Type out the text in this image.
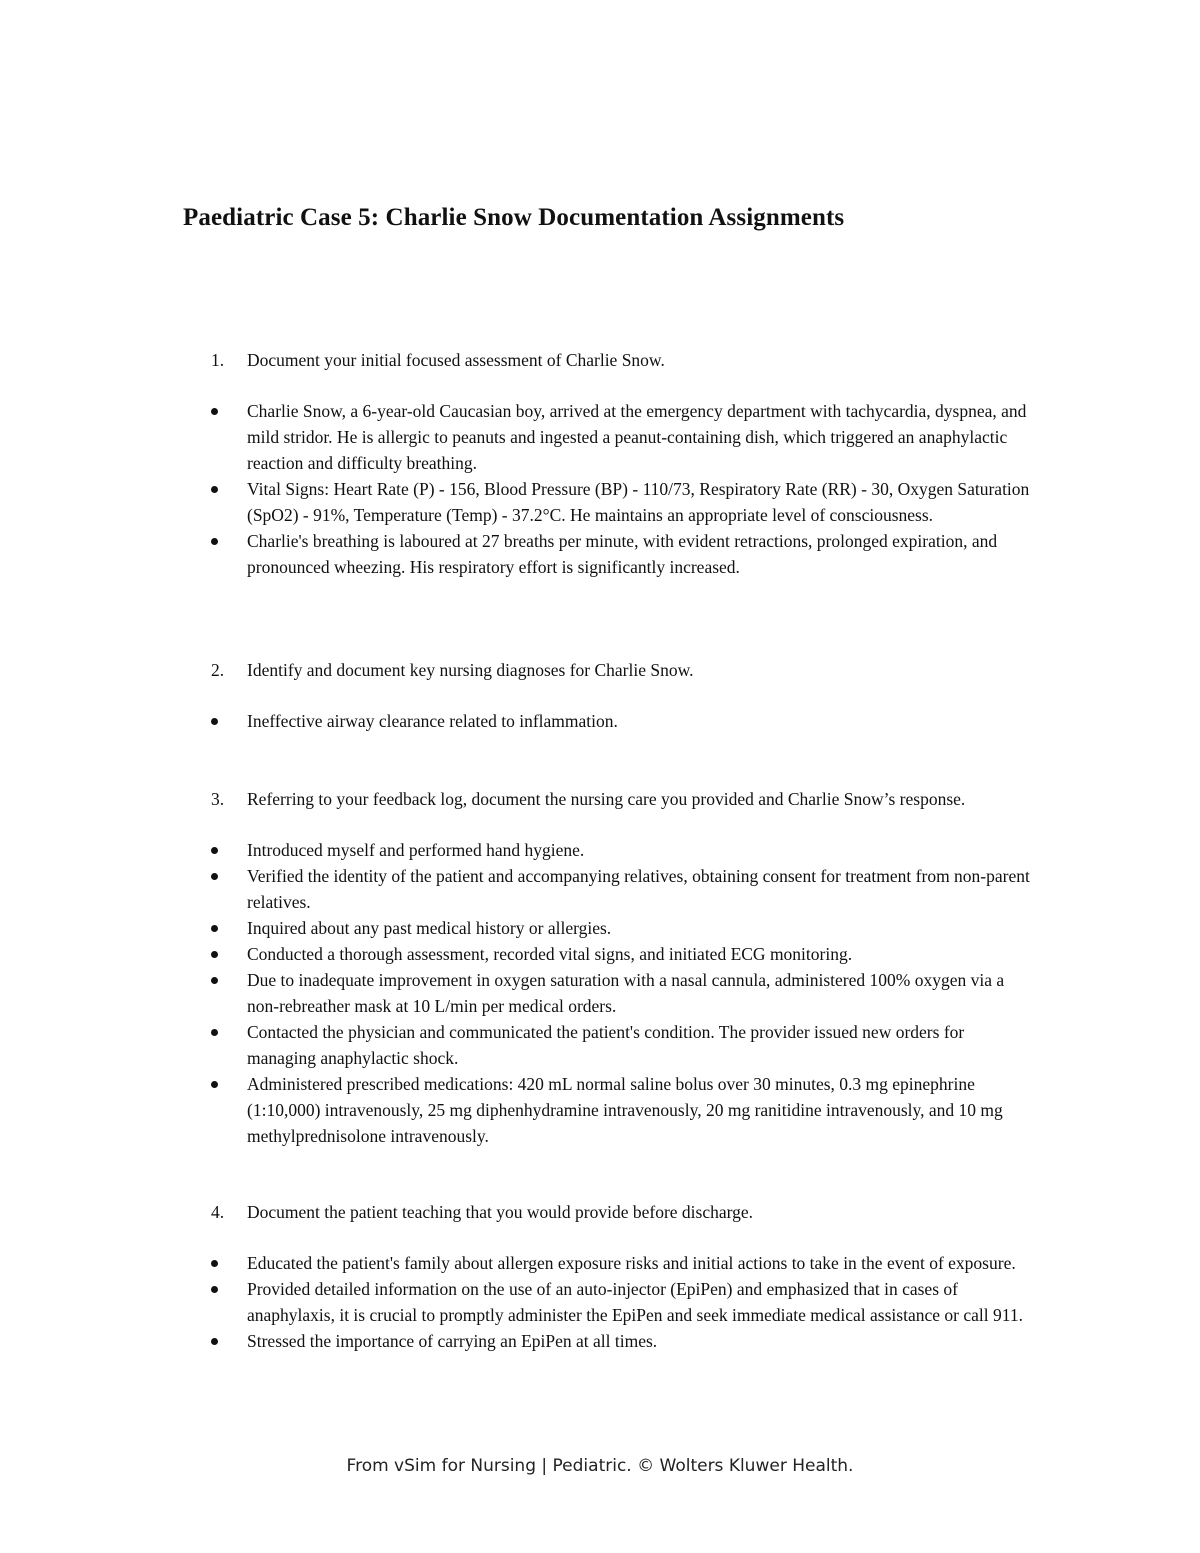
Paediatric Case 5: Charlie Snow Documentation Assignments
1. Document your initial focused assessment of Charlie Snow.
Charlie Snow, a 6-year-old Caucasian boy, arrived at the emergency department with tachycardia, dyspnea, and mild stridor. He is allergic to peanuts and ingested a peanut-containing dish, which triggered an anaphylactic reaction and difficulty breathing.
Vital Signs: Heart Rate (P) - 156, Blood Pressure (BP) - 110/73, Respiratory Rate (RR) - 30, Oxygen Saturation (SpO2) - 91%, Temperature (Temp) - 37.2°C. He maintains an appropriate level of consciousness.
Charlie's breathing is laboured at 27 breaths per minute, with evident retractions, prolonged expiration, and pronounced wheezing. His respiratory effort is significantly increased.
2. Identify and document key nursing diagnoses for Charlie Snow.
Ineffective airway clearance related to inflammation.
3. Referring to your feedback log, document the nursing care you provided and Charlie Snow’s response.
Introduced myself and performed hand hygiene.
Verified the identity of the patient and accompanying relatives, obtaining consent for treatment from non-parent relatives.
Inquired about any past medical history or allergies.
Conducted a thorough assessment, recorded vital signs, and initiated ECG monitoring.
Due to inadequate improvement in oxygen saturation with a nasal cannula, administered 100% oxygen via a non-rebreather mask at 10 L/min per medical orders.
Contacted the physician and communicated the patient's condition. The provider issued new orders for managing anaphylactic shock.
Administered prescribed medications: 420 mL normal saline bolus over 30 minutes, 0.3 mg epinephrine (1:10,000) intravenously, 25 mg diphenhydramine intravenously, 20 mg ranitidine intravenously, and 10 mg methylprednisolone intravenously.
4. Document the patient teaching that you would provide before discharge.
Educated the patient's family about allergen exposure risks and initial actions to take in the event of exposure.
Provided detailed information on the use of an auto-injector (EpiPen) and emphasized that in cases of anaphylaxis, it is crucial to promptly administer the EpiPen and seek immediate medical assistance or call 911.
Stressed the importance of carrying an EpiPen at all times.
From vSim for Nursing | Pediatric. © Wolters Kluwer Health.
